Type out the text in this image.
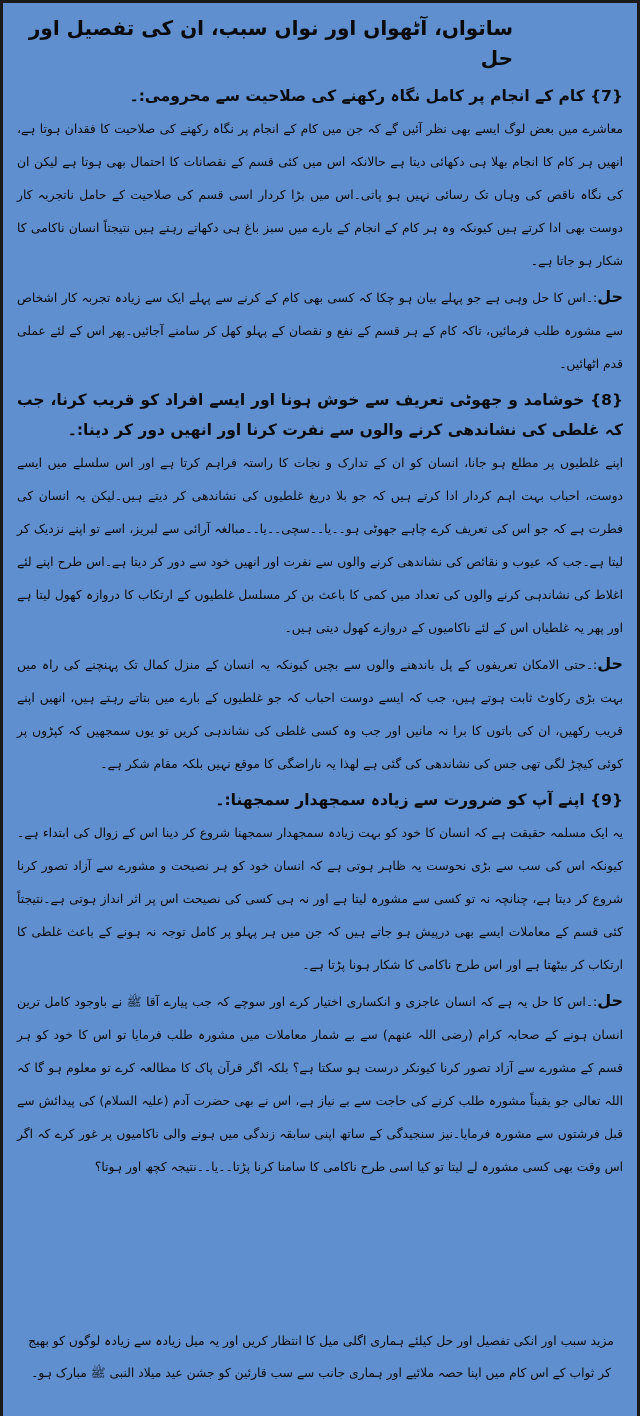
ساتواں، آٹھواں اور نواں سبب، ان کی تفصیل اور حل
{7} کام کے انجام پر کامل نگاہ رکھنے کی صلاحیت سے محرومی:۔

معاشرے میں بعض لوگ ایسے بھی نظر آئیں گے کہ جن میں کام کے انجام پر نگاہ رکھنے کی صلاحیت کا فقدان ہوتا ہے، انھیں ہر کام کا انجام بھلا ہی دکھائی دیتا ہے حالانکہ اس میں کئی قسم کے نقصانات کا احتمال بھی ہوتا ہے لیکن ان کی نگاہ ناقص کی وہاں تک رسائی نہیں ہو پاتی۔اس میں بڑا کردار اسی قسم کی صلاحیت کے حامل ناتجربہ کار دوست بھی ادا کرتے ہیں کیونکہ وہ ہر کام کے انجام کے بارے میں سبز باغ ہی دکھاتے رہتے ہیں نتیجتاً انسان ناکامی کا شکار ہو جاتا ہے۔

حل:۔اس کا حل وہی ہے جو پہلے بیان ہو چکا کہ کسی بھی کام کے کرنے سے پہلے ایک سے زیادہ تجربہ کار اشخاص سے مشورہ طلب فرمائیں، تاکہ کام کے ہر قسم کے نفع و نقصان کے پہلو کھل کر سامنے آجائیں۔پھر اس کے لئے عملی قدم اٹھائیں۔

{8} خوشامد و جھوٹی تعریف سے خوش ہونا اور ایسے افراد کو قریب کرنا، جب کہ غلطی کی نشاندھی کرنے والوں سے نفرت کرنا اور انھیں دور کر دینا:۔

اپنے غلطیوں پر مطلع ہو جانا، انسان کو ان کے تدارک و نجات کا راستہ فراہم کرتا ہے اور اس سلسلے میں ایسے دوست، احباب بہت اہم کردار ادا کرتے ہیں کہ جو بلا دریغ غلطیوں کی نشاندھی کر دیتے ہیں۔لیکن یہ انسان کی فطرت ہے کہ جو اس کی تعریف کرے چاہے جھوٹی ہو۔۔یا۔۔سچی۔۔یا۔۔مبالغہ آرائی سے لبریز، اسے تو اپنے نزدیک کر لیتا ہے۔جب کہ عیوب و نقائص کی نشاندھی کرنے والوں سے نفرت اور انھیں خود سے دور کر دیتا ہے۔اس طرح اپنے لئے اغلاط کی نشاندہی کرنے والوں کی تعداد میں کمی کا باعث بن کر مسلسل غلطیوں کے ارتکاب کا دروازہ کھول لیتا ہے اور پھر یہ غلطیاں اس کے لئے ناکامیوں کے دروازے کھول دیتی ہیں۔

حل:۔حتی الامکان تعریفوں کے پل باندھنے والوں سے بچیں کیونکہ یہ انسان کے منزل کمال تک پہنچنے کی راہ میں بہت بڑی رکاوٹ ثابت ہوتے ہیں، جب کہ ایسے دوست احباب کہ جو غلطیوں کے بارے میں بتاتے رہتے ہیں، انھیں اپنے قریب رکھیں، ان کی باتوں کا برا نہ مانیں اور جب وہ کسی غلطی کی نشاندہی کریں تو یوں سمجھیں کہ کپڑوں پر کوئی کیچڑ لگی تھی جس کی نشاندھی کی گئی ہے لھذا یہ ناراضگی کا موقع نہیں بلکہ مقام شکر ہے۔

{9} اپنے آپ کو ضرورت سے زیادہ سمجھدار سمجھنا:۔

یہ ایک مسلمہ حقیقت ہے کہ انسان کا خود کو بہت زیادہ سمجھدار سمجھنا شروع کر دینا اس کے زوال کی ابتداء ہے۔کیونکہ اس کی سب سے بڑی نحوست یہ ظاہر ہوتی ہے کہ انسان خود کو ہر نصیحت و مشورے سے آزاد تصور کرنا شروع کر دیتا ہے، چنانچہ نہ تو کسی سے مشورہ لیتا ہے اور نہ ہی کسی کی نصیحت اس پر اثر انداز ہوتی ہے۔نتیجتاً کئی قسم کے معاملات ایسے بھی درپیش ہو جاتے ہیں کہ جن میں ہر پہلو پر کامل توجہ نہ ہونے کے باعث غلطی کا ارتکاب کر بیٹھتا ہے اور اس طرح ناکامی کا شکار ہونا پڑتا ہے۔

حل:۔اس کا حل یہ ہے کہ انسان عاجزی و انکساری اختیار کرے اور سوچے کہ جب پیارے آقا ﷺ نے باوجود کامل ترین انسان ہونے کے صحابہ کرام (رضی اللہ عنھم) سے بے شمار معاملات میں مشورہ طلب فرمایا تو اس کا خود کو ہر قسم کے مشورے سے آزاد تصور کرنا کیونکر درست ہو سکتا ہے؟ بلکہ اگر قرآن پاک کا مطالعہ کرے تو معلوم ہو گا کہ اللہ تعالی جو یقیناً مشورہ طلب کرنے کی حاجت سے بے نیاز ہے، اس نے بھی حضرت آدم (علیہ السلام) کی پیدائش سے قبل فرشتوں سے مشورہ فرمایا۔نیز سنجیدگی کے ساتھ اپنی سابقہ زندگی میں ہونے والی ناکامیوں پر غور کرے کہ اگر اس وقت بھی کسی مشورہ لے لیتا تو کیا اسی طرح ناکامی کا سامنا کرنا پڑتا۔۔یا۔۔نتیجہ کچھ اور ہوتا؟

مزید سبب اور انکی تفصیل اور حل کیلئے ہماری اگلی میل کا انتظار کریں اور یہ میل زیادہ سے زیادہ لوگوں کو بھیج کر ثواب کے اس کام میں اپنا حصہ ملائیے اور ہماری جانب سے سب قارئین کو جشن عید میلاد النبی ﷺ مبارک ہو۔
